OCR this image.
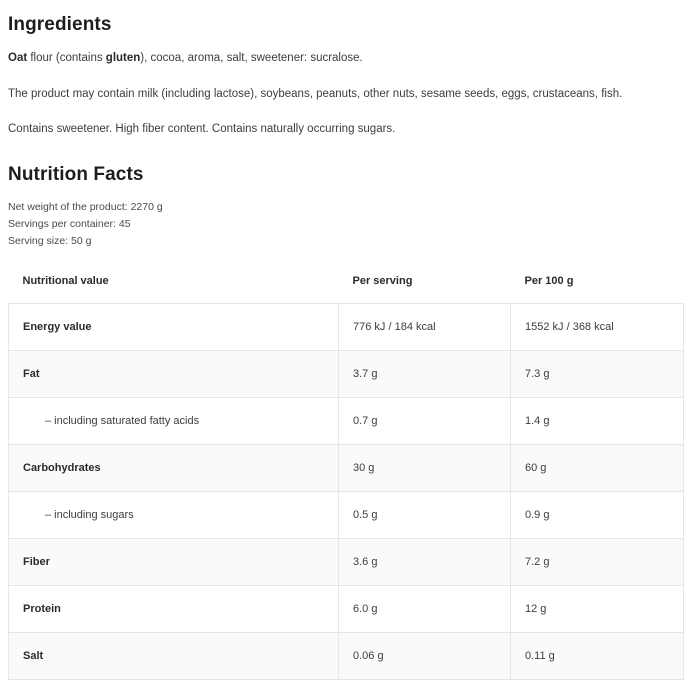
Ingredients

Oat flour (contains gluten), cocoa, aroma, salt, sweetener: sucralose.

The product may contain milk (including lactose), soybeans, peanuts, other nuts, sesame seeds, eggs, crustaceans, fish.

Contains sweetener. High fiber content. Contains naturally occurring sugars.

Nutrition Facts

Net weight of the product: 2270 g

Servings per container: 45

Serving size: 50 g

Nutritional value	Per serving	Per 100 g
Energy value	776 kJ / 184 kcal	1552 kJ / 368 kcal
Fat	3.7 g	7.3 g
– including saturated fatty acids	0.7 g	1.4 g
Carbohydrates	30 g	60 g
– including sugars	0.5 g	0.9 g
Fiber	3.6 g	7.2 g
Protein	6.0 g	12 g
Salt	0.06 g	0.11 g
